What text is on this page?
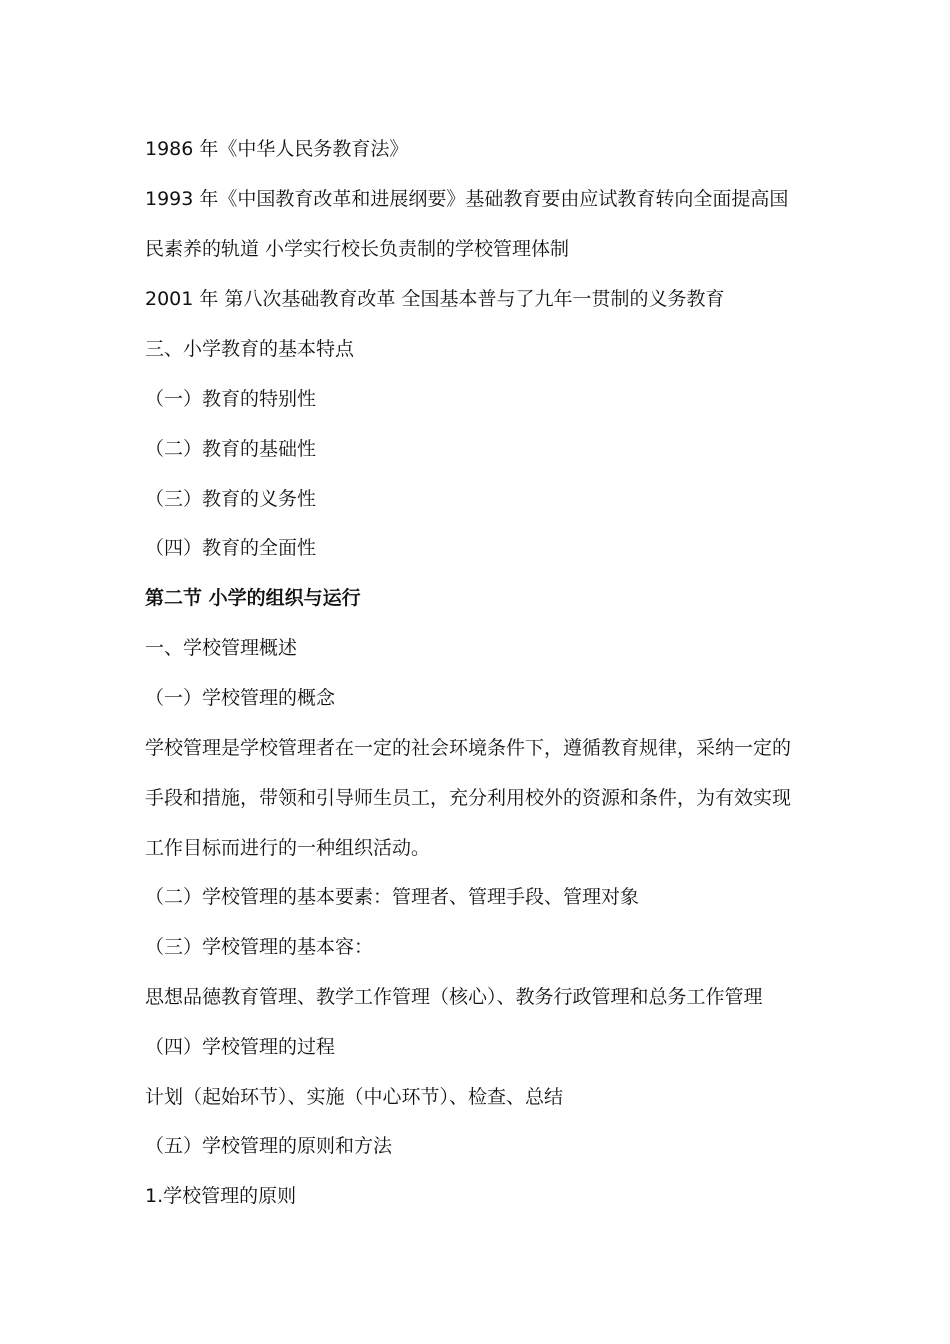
1986 年《中华人民务教育法》
1993 年《中国教育改革和进展纲要》基础教育要由应试教育转向全面提高国
民素养的轨道 小学实行校长负责制的学校管理体制
2001 年 第八次基础教育改革 全国基本普与了九年一贯制的义务教育
三、小学教育的基本特点
（一）教育的特别性
（二）教育的基础性
（三）教育的义务性
（四）教育的全面性
第二节 小学的组织与运行
一、学校管理概述
（一）学校管理的概念
学校管理是学校管理者在一定的社会环境条件下，遵循教育规律，采纳一定的
手段和措施，带领和引导师生员工，充分利用校外的资源和条件，为有效实现
工作目标而进行的一种组织活动。
（二）学校管理的基本要素：管理者、管理手段、管理对象
（三）学校管理的基本容：
思想品德教育管理、教学工作管理（核心）、教务行政管理和总务工作管理
（四）学校管理的过程
计划（起始环节）、实施（中心环节）、检查、总结
（五）学校管理的原则和方法
1.学校管理的原则
